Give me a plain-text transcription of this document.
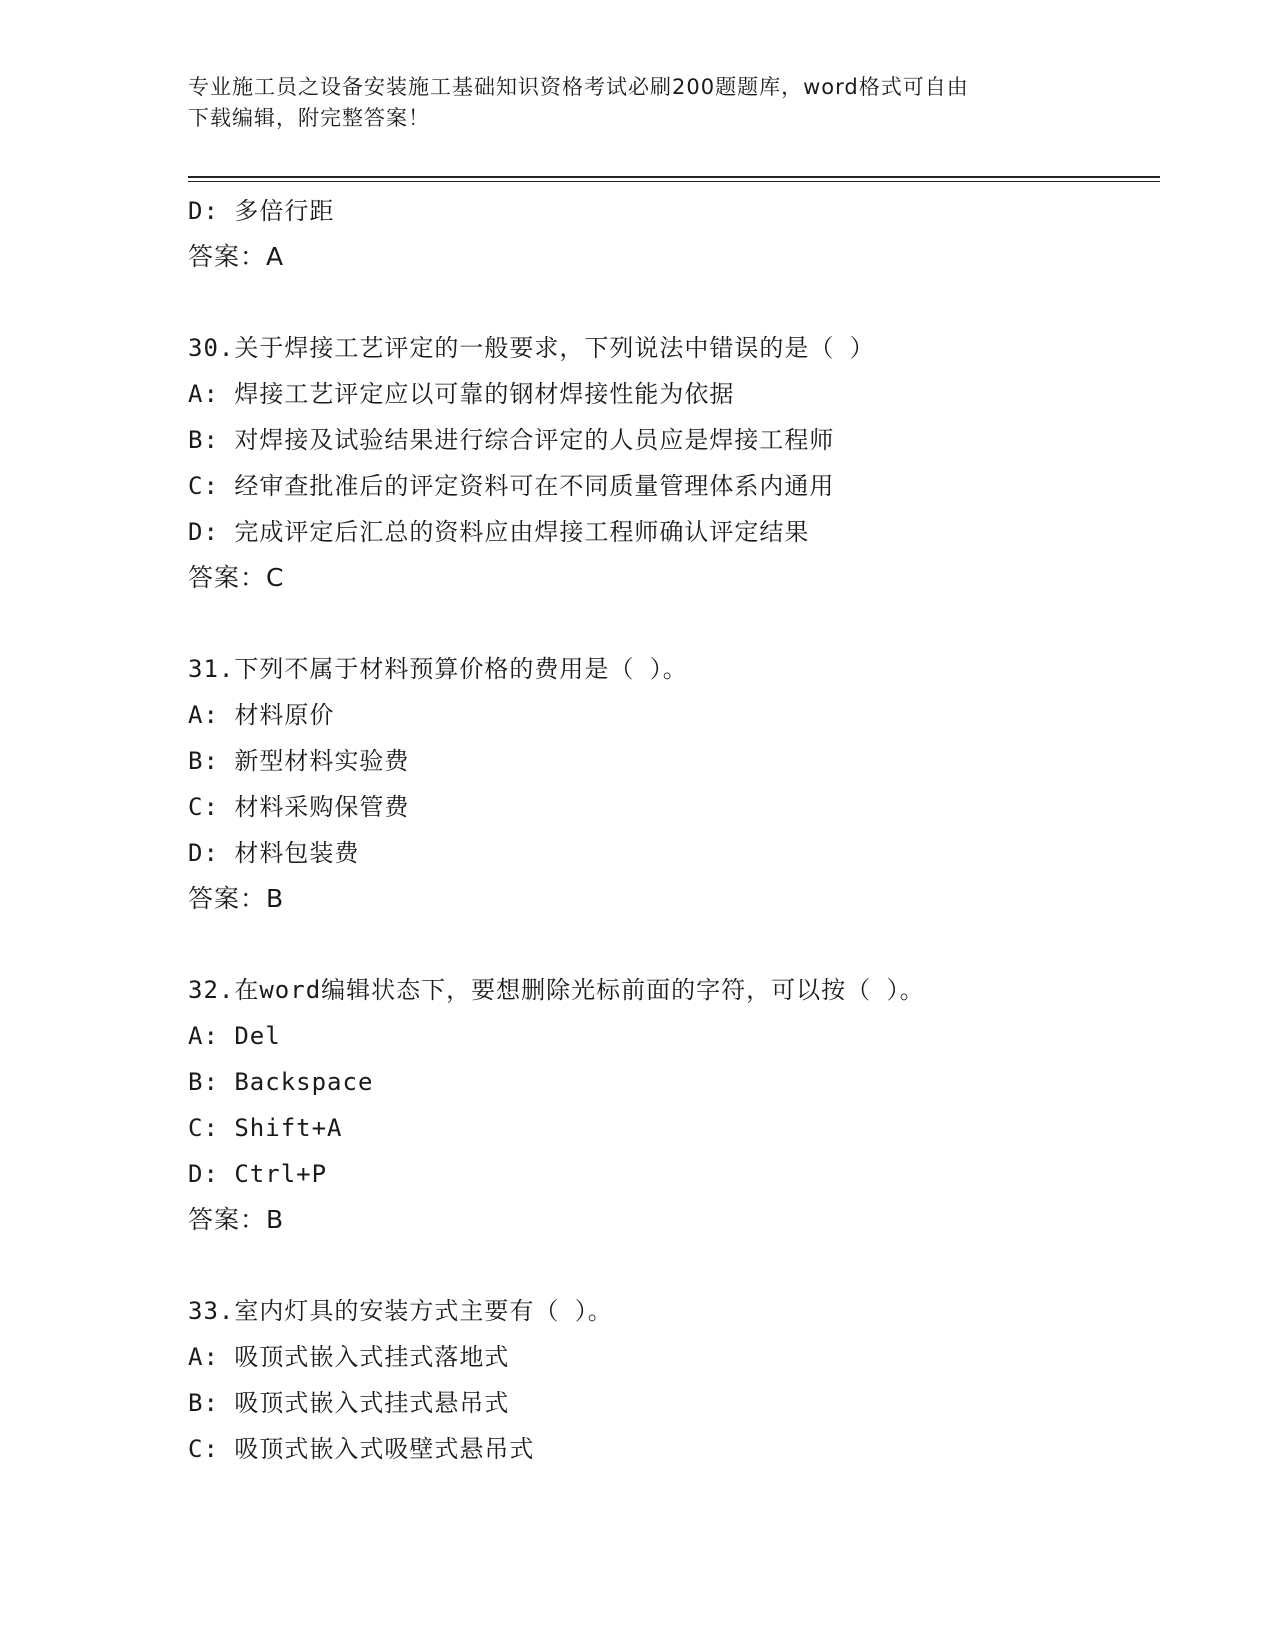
专业施工员之设备安装施工基础知识资格考试必刷200题题库，word格式可自由
下载编辑，附完整答案！
D: 多倍行距
答案：A
30.关于焊接工艺评定的一般要求，下列说法中错误的是（ ）
A: 焊接工艺评定应以可靠的钢材焊接性能为依据
B: 对焊接及试验结果进行综合评定的人员应是焊接工程师
C: 经审查批准后的评定资料可在不同质量管理体系内通用
D: 完成评定后汇总的资料应由焊接工程师确认评定结果
答案：C
31.下列不属于材料预算价格的费用是（ ）。
A: 材料原价
B: 新型材料实验费
C: 材料采购保管费
D: 材料包装费
答案：B
32.在word编辑状态下，要想删除光标前面的字符，可以按（ ）。
A: Del
B: Backspace
C: Shift+A
D: Ctrl+P
答案：B
33.室内灯具的安装方式主要有（ ）。
A: 吸顶式嵌入式挂式落地式
B: 吸顶式嵌入式挂式悬吊式
C: 吸顶式嵌入式吸壁式悬吊式
